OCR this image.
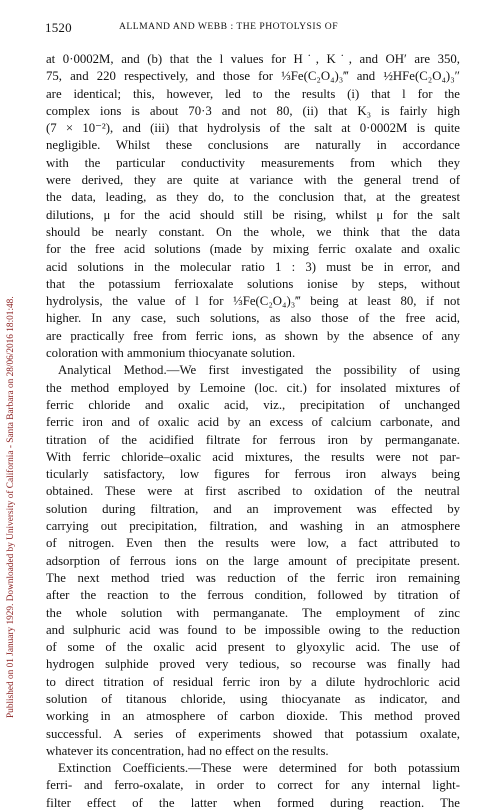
Published on 01 January 1929. Downloaded by University of California - Santa Barbara on 28/06/2016 18:01:48.
1520	ALLMAND AND WEBB : THE PHOTOLYSIS OF
at 0·0002M, and (b) that the l values for H˙, K˙, and OH′ are 350,
75, and 220 respectively, and those for ⅓Fe(C₂O₄)₃‴ and ½HFe(C₂O₄)₃″
are identical; this, however, led to the results (i) that l for the
complex ions is about 70·3 and not 80, (ii) that K₃ is fairly high
(7 × 10⁻²), and (iii) that hydrolysis of the salt at 0·0002M is quite
negligible. Whilst these conclusions are naturally in accordance
with the particular conductivity measurements from which they
were derived, they are quite at variance with the general trend of
the data, leading, as they do, to the conclusion that, at the greatest
dilutions, μ for the acid should still be rising, whilst μ for the salt
should be nearly constant. On the whole, we think that the data
for the free acid solutions (made by mixing ferric oxalate and oxalic
acid solutions in the molecular ratio 1 : 3) must be in error, and
that the potassium ferrioxalate solutions ionise by steps, without
hydrolysis, the value of l for ⅓Fe(C₂O₄)₃‴ being at least 80, if not
higher. In any case, such solutions, as also those of the free acid,
are practically free from ferric ions, as shown by the absence of any
coloration with ammonium thiocyanate solution.
Analytical Method.—We first investigated the possibility of using
the method employed by Lemoine (loc. cit.) for insolated mixtures of
ferric chloride and oxalic acid, viz., precipitation of unchanged
ferric iron and of oxalic acid by an excess of calcium carbonate, and
titration of the acidified filtrate for ferrous iron by permanganate.
With ferric chloride–oxalic acid mixtures, the results were not par-
ticularly satisfactory, low figures for ferrous iron always being
obtained. These were at first ascribed to oxidation of the neutral
solution during filtration, and an improvement was effected by
carrying out precipitation, filtration, and washing in an atmosphere
of nitrogen. Even then the results were low, a fact attributed to
adsorption of ferrous ions on the large amount of precipitate present.
The next method tried was reduction of the ferric iron remaining
after the reaction to the ferrous condition, followed by titration of
the whole solution with permanganate. The employment of zinc
and sulphuric acid was found to be impossible owing to the reduction
of some of the oxalic acid present to glyoxylic acid. The use of
hydrogen sulphide proved very tedious, so recourse was finally had
to direct titration of residual ferric iron by a dilute hydrochloric acid
solution of titanous chloride, using thiocyanate as indicator, and
working in an atmosphere of carbon dioxide. This method proved
successful. A series of experiments showed that potassium oxalate,
whatever its concentration, had no effect on the results.
Extinction Coefficients.—These were determined for both potassium
ferri- and ferro-oxalate, in order to correct for any internal light-
filter effect of the latter when formed during reaction. The
